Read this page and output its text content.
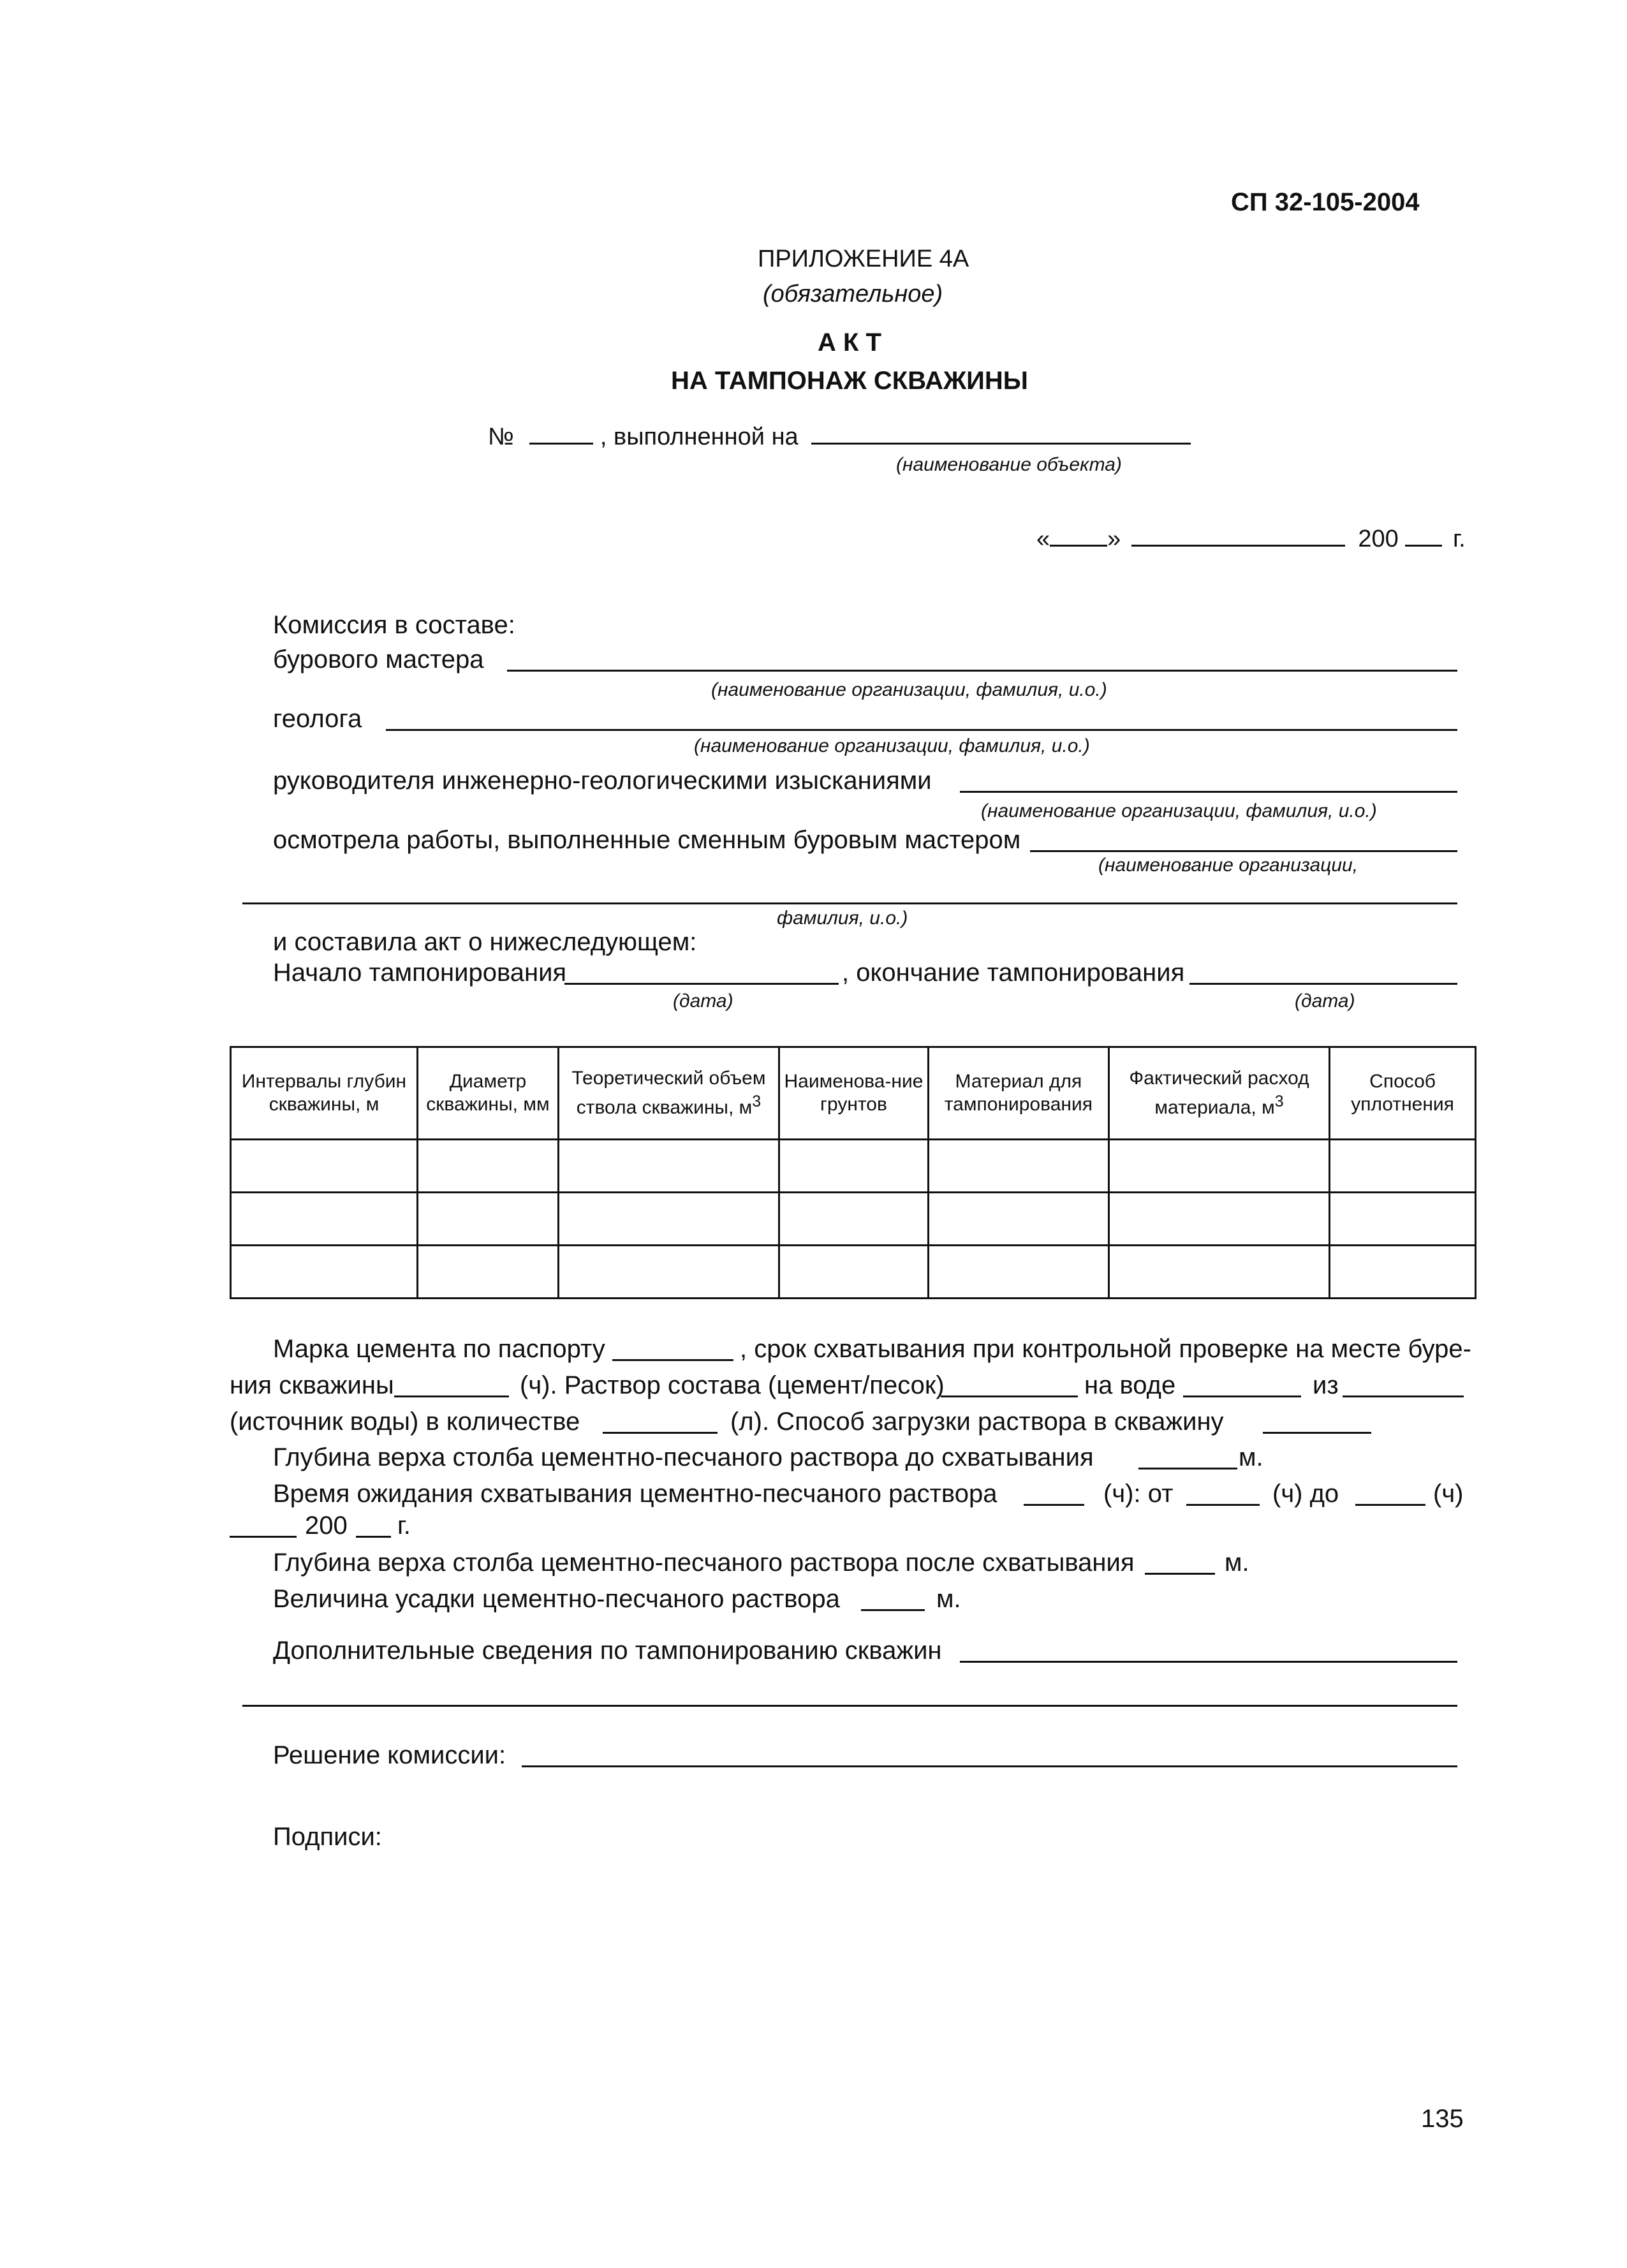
СП 32-105-2004
ПРИЛОЖЕНИЕ 4А
(обязательное)
А К Т
НА ТАМПОНАЖ СКВАЖИНЫ
№	, выполненной на
(наименование объекта)
« »	200 г.
Комиссия в составе:
бурового мастера
(наименование организации, фамилия, и.о.)
геолога
(наименование организации, фамилия, и.о.)
руководителя инженерно-геологическими изысканиями
(наименование организации, фамилия, и.о.)
осмотрела работы, выполненные сменным буровым мастером
(наименование организации,
фамилия, и.о.)
и составила акт о нижеследующем:
Начало тампонирования	, окончание тампонирования
(дата)	(дата)
Интервалы глубин скважины, м	Диаметр скважины, мм	Теоретический объем ствола скважины, $м^3$	Наименова-ние грунтов	Материал для тампонирования	Фактический расход материала, $м^3$	Способ уплотнения

Марка цемента по паспорту	, срок схватывания при контрольной проверке на месте буре-
ния скважины	(ч). Раствор состава (цемент/песок)	на воде	из
(источник воды) в количестве	(л). Способ загрузки раствора в скважину
Глубина верха столба цементно-песчаного раствора до схватывания	м.
Время ожидания схватывания цементно-песчаного раствора	(ч): от	(ч) до	(ч)
200 г.
Глубина верха столба цементно-песчаного раствора после схватывания	м.
Величина усадки цементно-песчаного раствора	м.
Дополнительные сведения по тампонированию скважин
Решение комиссии:
Подписи:
135
